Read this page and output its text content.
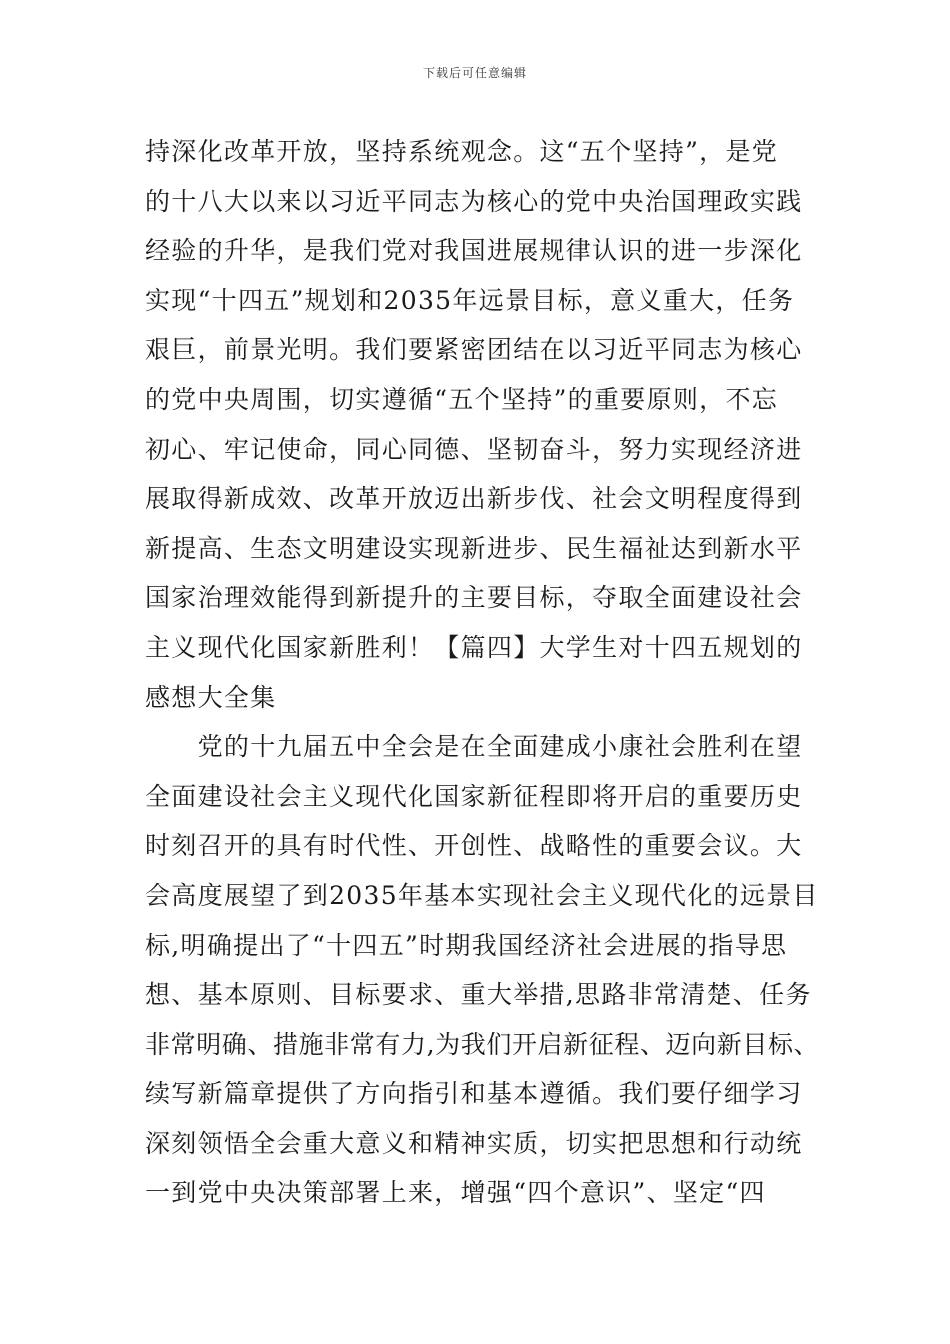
下载后可任意编辑
持深化改革开放，坚持系统观念。这“五个坚持”，是党
的十八大以来以习近平同志为核心的党中央治国理政实践
经验的升华，是我们党对我国进展规律认识的进一步深化
实现“十四五”规划和2035年远景目标，意义重大，任务
艰巨，前景光明。我们要紧密团结在以习近平同志为核心
的党中央周围，切实遵循“五个坚持”的重要原则，不忘
初心、牢记使命，同心同德、坚韧奋斗，努力实现经济进
展取得新成效、改革开放迈出新步伐、社会文明程度得到
新提高、生态文明建设实现新进步、民生福祉达到新水平
国家治理效能得到新提升的主要目标，夺取全面建设社会
主义现代化国家新胜利！【篇四】大学生对十四五规划的
感想大全集
　　党的十九届五中全会是在全面建成小康社会胜利在望
全面建设社会主义现代化国家新征程即将开启的重要历史
时刻召开的具有时代性、开创性、战略性的重要会议。大
会高度展望了到2035年基本实现社会主义现代化的远景目
标,明确提出了“十四五”时期我国经济社会进展的指导思
想、基本原则、目标要求、重大举措,思路非常清楚、任务
非常明确、措施非常有力,为我们开启新征程、迈向新目标、
续写新篇章提供了方向指引和基本遵循。我们要仔细学习
深刻领悟全会重大意义和精神实质，切实把思想和行动统
一到党中央决策部署上来，增强“四个意识”、坚定“四
